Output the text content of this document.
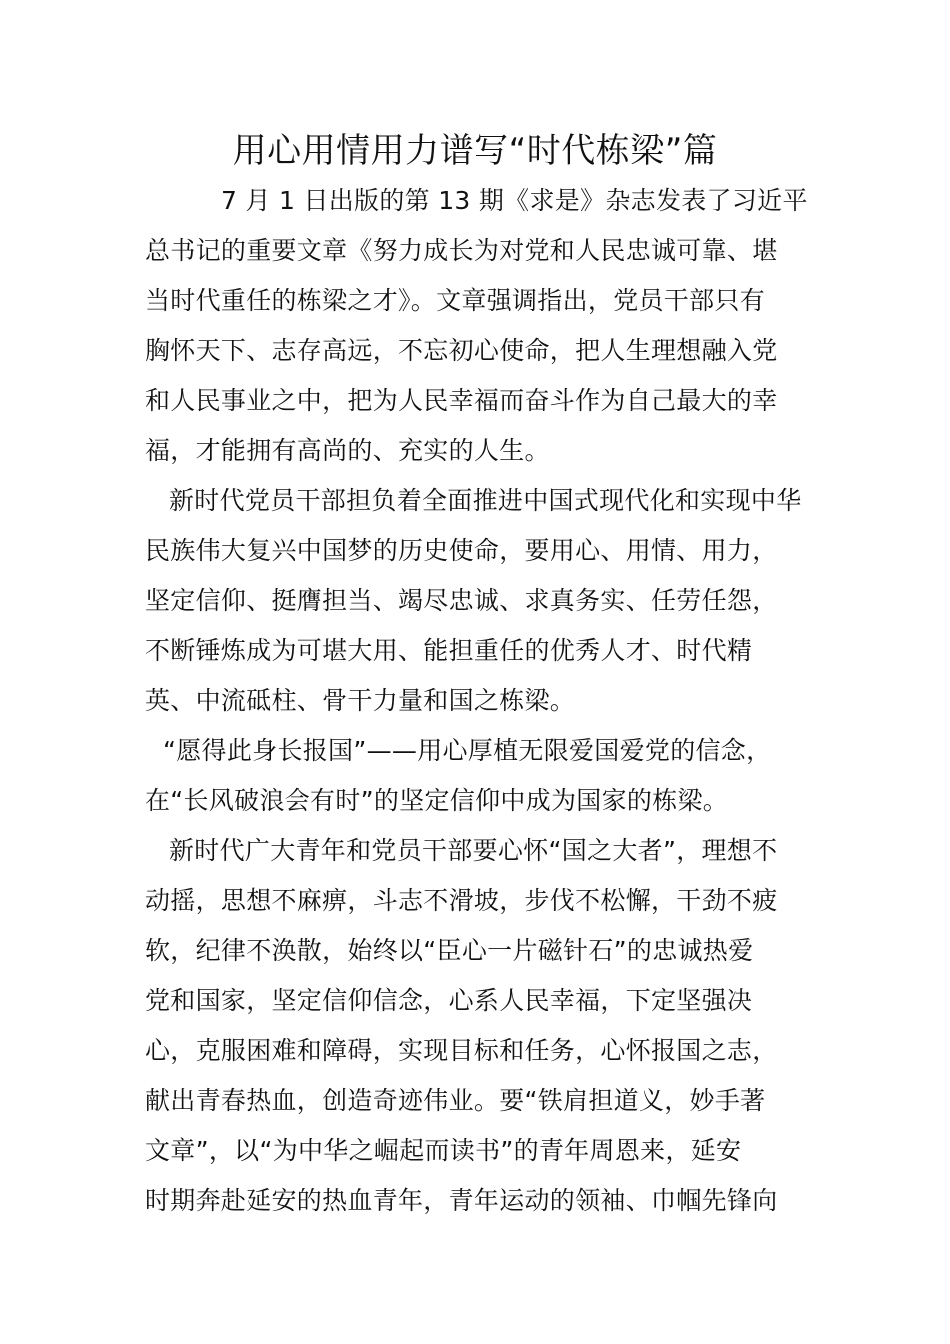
用心用情用力谱写“时代栋梁”篇

7 月 1 日出版的第 13 期《求是》杂志发表了习近平
总书记的重要文章《努力成长为对党和人民忠诚可靠、堪
当时代重任的栋梁之才》。文章强调指出，党员干部只有
胸怀天下、志存高远，不忘初心使命，把人生理想融入党
和人民事业之中，把为人民幸福而奋斗作为自己最大的幸
福，才能拥有高尚的、充实的人生。

新时代党员干部担负着全面推进中国式现代化和实现中华
民族伟大复兴中国梦的历史使命，要用心、用情、用力，
坚定信仰、挺膺担当、竭尽忠诚、求真务实、任劳任怨，
不断锤炼成为可堪大用、能担重任的优秀人才、时代精
英、中流砥柱、骨干力量和国之栋梁。

“愿得此身长报国”——用心厚植无限爱国爱党的信念，
在“长风破浪会有时”的坚定信仰中成为国家的栋梁。

新时代广大青年和党员干部要心怀“国之大者”，理想不
动摇，思想不麻痹，斗志不滑坡，步伐不松懈，干劲不疲
软，纪律不涣散，始终以“臣心一片磁针石”的忠诚热爱
党和国家，坚定信仰信念，心系人民幸福，下定坚强决
心，克服困难和障碍，实现目标和任务，心怀报国之志，
献出青春热血，创造奇迹伟业。要“铁肩担道义，妙手著
文章”，以“为中华之崛起而读书”的青年周恩来，延安
时期奔赴延安的热血青年，青年运动的领袖、巾帼先锋向
